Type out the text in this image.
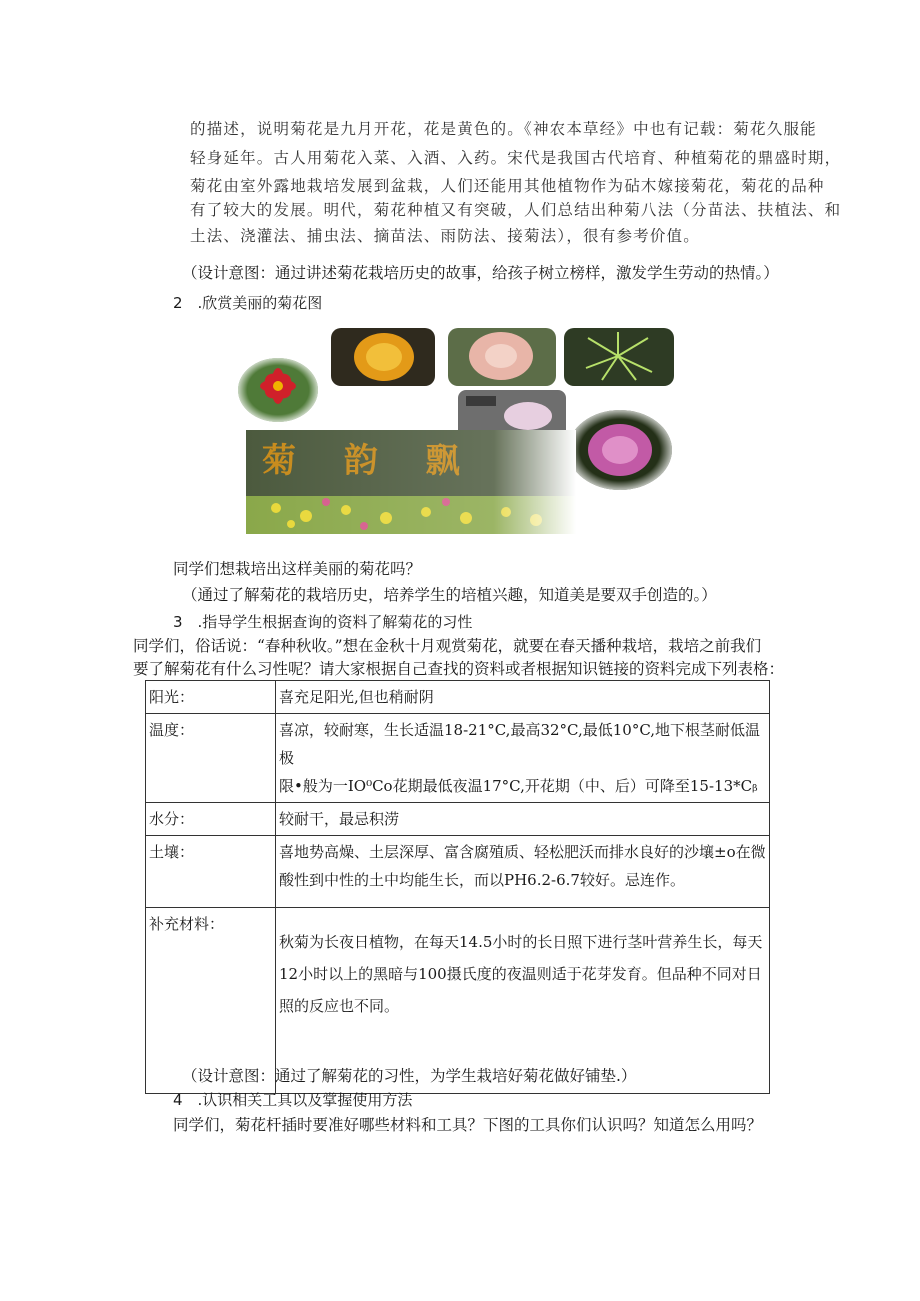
的描述，说明菊花是九月开花，花是黄色的。《神农本草经》中也有记载：菊花久服能
轻身延年。古人用菊花入菜、入酒、入药。宋代是我国古代培育、种植菊花的鼎盛时期，
菊花由室外露地栽培发展到盆栽，人们还能用其他植物作为砧木嫁接菊花，菊花的品种
有了较大的发展。明代，菊花种植又有突破，人们总结出种菊八法（分苗法、扶植法、和
土法、浇灌法、捕虫法、摘苗法、雨防法、接菊法），很有参考价值。
（设计意图：通过讲述菊花栽培历史的故事，给孩子树立榜样，激发学生劳动的热情。）
2　.欣赏美丽的菊花图
同学们想栽培出这样美丽的菊花吗？
（通过了解菊花的栽培历史，培养学生的培植兴趣，知道美是要双手创造的。）
3　.指导学生根据查询的资料了解菊花的习性
同学们，俗话说：“春种秋收。”想在金秋十月观赏菊花，就要在春天播种栽培，栽培之前我们
要了解菊花有什么习性呢？请大家根据自己查找的资料或者根据知识链接的资料完成下列表格：
阳光：	喜充足阳光,但也稍耐阴

温度：	喜凉，较耐寒，生长适温18-21°C,最高32°C,最低10°C,地下根茎耐低温极
限•般为一IO⁰Co花期最低夜温17°C,开花期（中、后）可降至15-13*Cᵦ

水分：	较耐干，最忌积涝

土壤：	喜地势高燥、土层深厚、富含腐殖质、轻松肥沃而排水良好的沙壤±o在微
酸性到中性的土中均能生长，而以PH6.2-6.7较好。忌连作。

补充材料：	秋菊为长夜日植物，在每天14.5小时的长日照下进行茎叶营养生长，每天
12小时以上的黑暗与100摄氏度的夜温则适于花芽发育。但品种不同对日
照的反应也不同。
（设计意图：通过了解菊花的习性，为学生栽培好菊花做好铺垫.）
4　.认识相关工具以及掌握使用方法
同学们，菊花杆插时要准好哪些材料和工具？下图的工具你们认识吗？知道怎么用吗？
